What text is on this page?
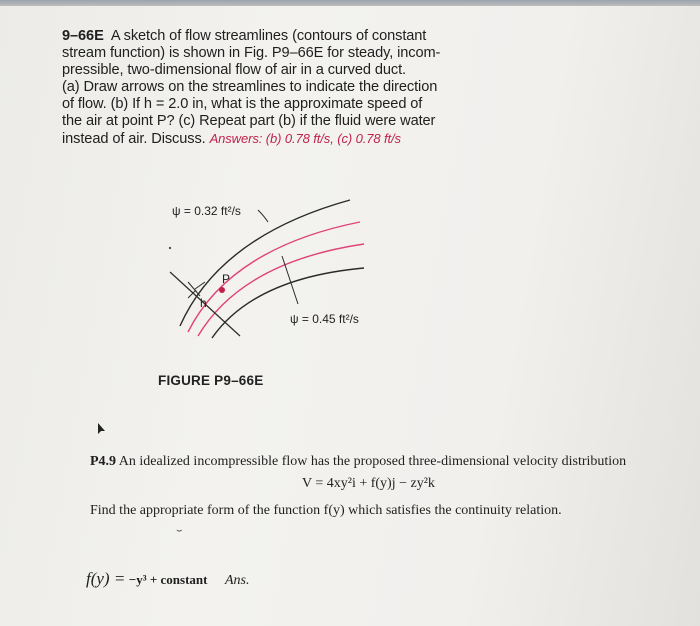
9–66E A sketch of flow streamlines (contours of constant
stream function) is shown in Fig. P9–66E for steady, incom-
pressible, two-dimensional flow of air in a curved duct.
(a) Draw arrows on the streamlines to indicate the direction
of flow. (b) If h = 2.0 in, what is the approximate speed of
the air at point P? (c) Repeat part (b) if the fluid were water
instead of air. Discuss. Answers: (b) 0.78 ft/s, (c) 0.78 ft/s
ψ = 0.32 ft²/s
ψ = 0.45 ft²/s
P
h
FIGURE P9–66E
P4.9 An idealized incompressible flow has the proposed three-dimensional velocity distribution
V = 4xy²i + f(y)j − zy²k
Find the appropriate form of the function f(y) which satisfies the continuity relation.
⌣
f(y) = −y³ + constant Ans.
